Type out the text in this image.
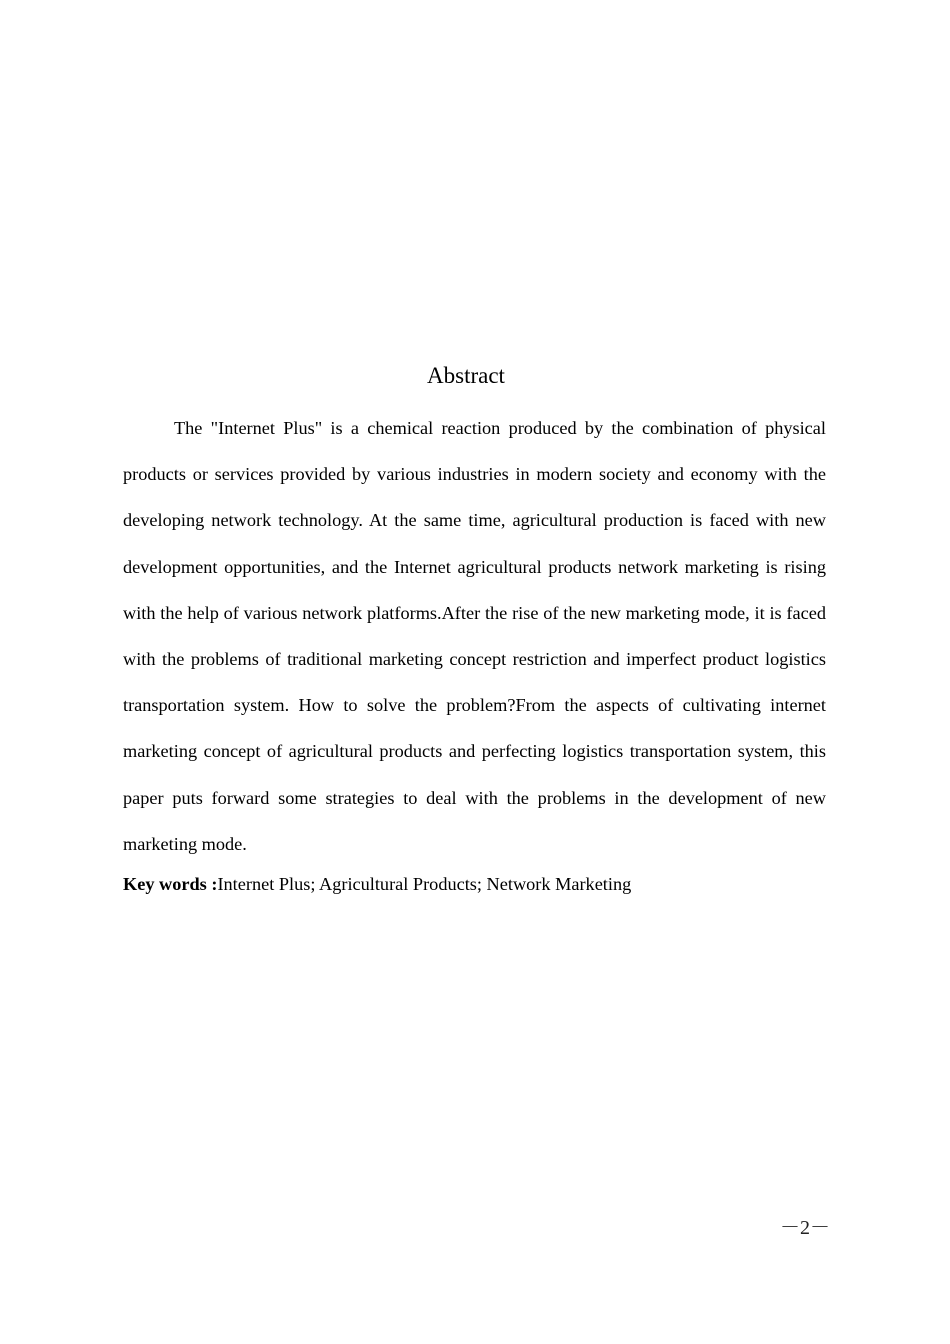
Abstract

The "Internet Plus" is a chemical reaction produced by the combination of physical products or services provided by various industries in modern society and economy with the developing network technology. At the same time, agricultural production is faced with new development opportunities, and the Internet agricultural products network marketing is rising with the help of various network platforms.After the rise of the new marketing mode, it is faced with the problems of traditional marketing concept restriction and imperfect product logistics transportation system. How to solve the problem?From the aspects of cultivating internet marketing concept of agricultural products and perfecting logistics transportation system, this paper puts forward some strategies to deal with the problems in the development of new marketing mode.

Key words :Internet Plus; Agricultural Products; Network Marketing

－2－
